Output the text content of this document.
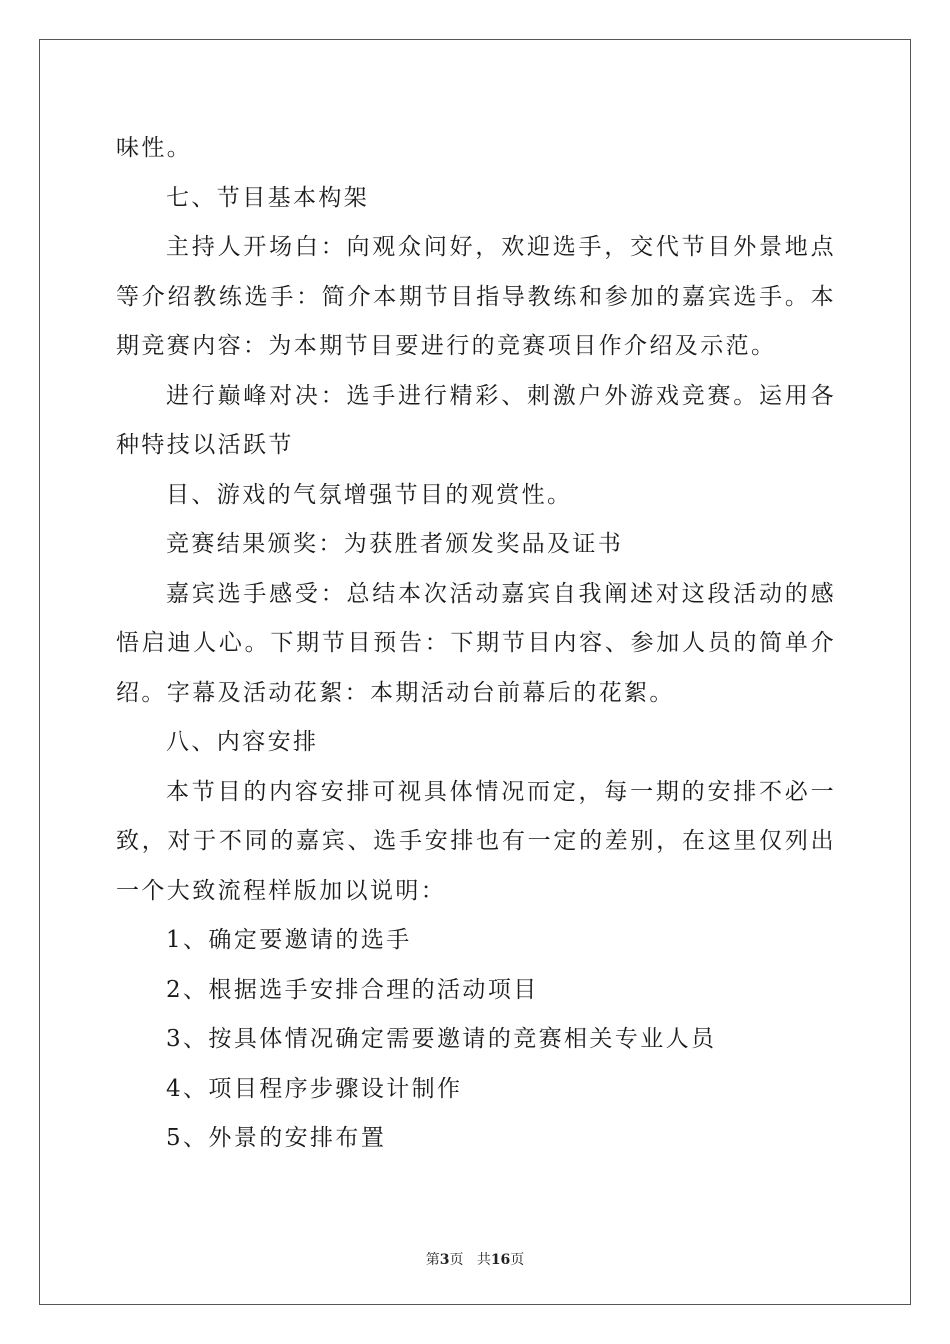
味性。

七、节目基本构架

主持人开场白：向观众问好，欢迎选手，交代节目外景地点等介绍教练选手：简介本期节目指导教练和参加的嘉宾选手。本期竞赛内容：为本期节目要进行的竞赛项目作介绍及示范。

进行巅峰对决：选手进行精彩、刺激户外游戏竞赛。运用各种特技以活跃节

目、游戏的气氛增强节目的观赏性。

竞赛结果颁奖：为获胜者颁发奖品及证书

嘉宾选手感受：总结本次活动嘉宾自我阐述对这段活动的感悟启迪人心。下期节目预告：下期节目内容、参加人员的简单介绍。字幕及活动花絮：本期活动台前幕后的花絮。

八、内容安排

本节目的内容安排可视具体情况而定，每一期的安排不必一致，对于不同的嘉宾、选手安排也有一定的差别，在这里仅列出一个大致流程样版加以说明：

1、确定要邀请的选手

2、根据选手安排合理的活动项目

3、按具体情况确定需要邀请的竞赛相关专业人员

4、项目程序步骤设计制作

5、外景的安排布置

第3页 共16页
